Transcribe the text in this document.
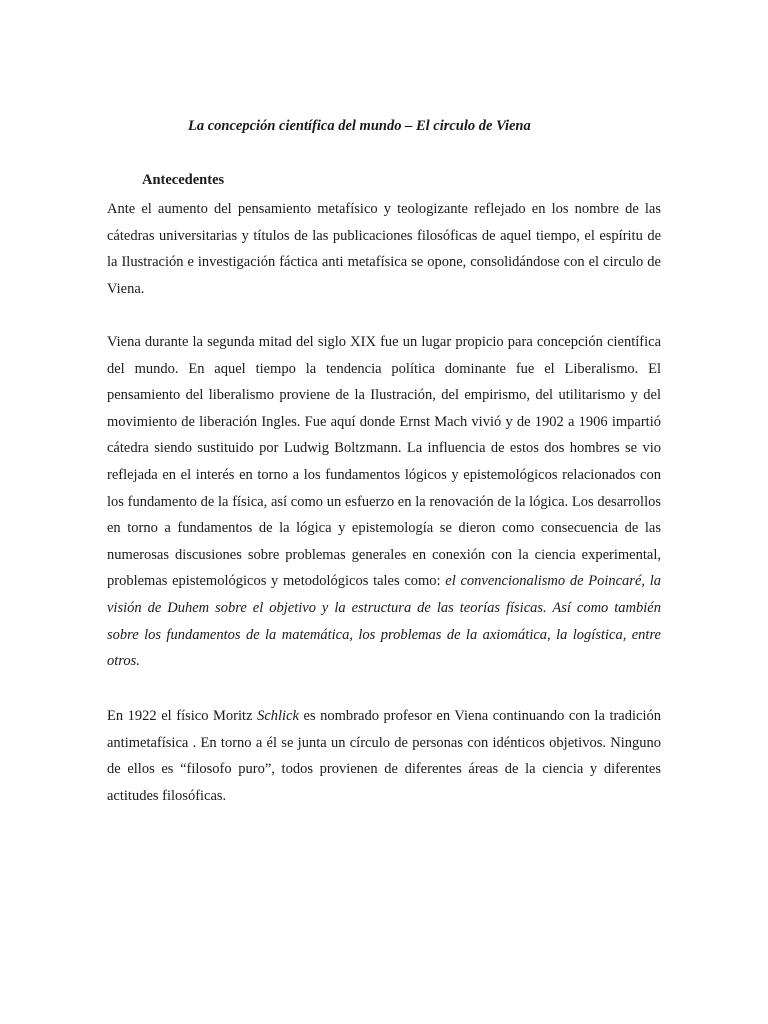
La concepción científica del mundo – El circulo de Viena
Antecedentes

Ante el aumento del pensamiento metafísico y teologizante reflejado en los nombre de las cátedras universitarias y títulos de las publicaciones filosóficas de aquel tiempo, el espíritu de la Ilustración e investigación fáctica anti metafísica se opone, consolidándose con el circulo de Viena.

Viena durante la segunda mitad del siglo XIX fue un lugar propicio para concepción científica del mundo. En aquel tiempo la tendencia política dominante fue el Liberalismo. El pensamiento del liberalismo proviene de la Ilustración, del empirismo, del utilitarismo y del movimiento de liberación Ingles. Fue aquí donde Ernst Mach vivió y de 1902 a 1906 impartió cátedra siendo sustituido por Ludwig Boltzmann. La influencia de estos dos hombres se vio reflejada en el interés en torno a los fundamentos lógicos y epistemológicos relacionados con los fundamento de la física, así como un esfuerzo en la renovación de la lógica. Los desarrollos en torno a fundamentos de la lógica y epistemología se dieron como consecuencia de las numerosas discusiones sobre problemas generales en conexión con la ciencia experimental, problemas epistemológicos y metodológicos tales como: el convencionalismo de Poincaré, la visión de Duhem sobre el objetivo y la estructura de las teorías físicas. Así como también sobre los fundamentos de la matemática, los problemas de la axiomática, la logística, entre otros.

En 1922 el físico Moritz Schlick es nombrado profesor en Viena continuando con la tradición antimetafísica . En torno a él se junta un círculo de personas con idénticos objetivos. Ninguno de ellos es “filosofo puro”, todos provienen de diferentes áreas de la ciencia y diferentes actitudes filosóficas.
